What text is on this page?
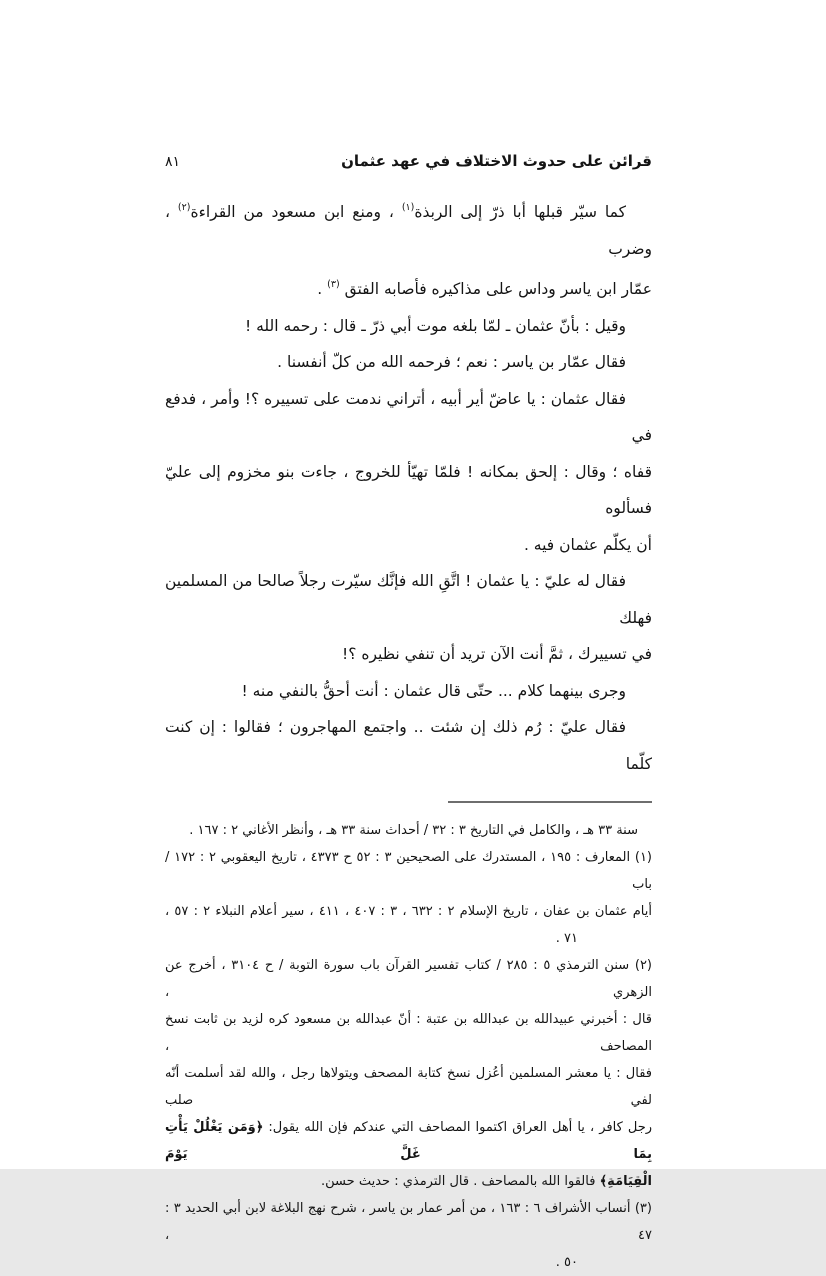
قرائن على حدوث الاختلاف في عهد عثمان
٨١
كما سيّر قبلها أبا ذرّ إلى الربذة$^{(١)}$ ، ومنع ابن مسعود من القراءة$^{(٢)}$ ، وضرب
عمّار ابن ياسر وداس على مذاكيره فأصابه الفتق $^{(٣)}$ .
وقيل : بأنّ عثمان ـ لمّا بلغه موت أبي ذرّ ـ قال : رحمه الله !
فقال عمّار بن ياسر : نعم ؛ فرحمه الله من كلّ أنفسنا .
فقال عثمان : يا عاضّ أير أبيه ، أتراني ندمت على تسييره ؟! وأمر ، فدفع في
قفاه ؛ وقال : إلحق بمكانه ! فلمّا تهيّأ للخروج ، جاءت بنو مخزوم إلى عليّ فسألوه
أن يكلّم عثمان فيه .
فقال له عليّ : يا عثمان ! اتَّقِ الله فإنَّك سيّرت رجلاً صالحا من المسلمين فهلك
في تسييرك ، ثمَّ أنت الآن تريد أن تنفي نظيره ؟!
وجرى بينهما كلام ... حتّى قال عثمان : أنت أحقُّ بالنفي منه !
فقال عليّ : رُم ذلك إن شئت .. واجتمع المهاجرون ؛ فقالوا : إن كنت كلّما
سنة ٣٣ هـ ، والكامل في التاريخ ٣ : ٣٢ / أحداث سنة ٣٣ هـ ، وأنظر الأغاني ٢ : ١٦٧ .
(١) المعارف : ١٩٥ ، المستدرك على الصحيحين ٣ : ٥٢ ح ٤٣٧٣ ، تاريخ اليعقوبي ٢ : ١٧٢ / باب
أيام عثمان بن عفان ، تاريخ الإسلام ٢ : ٦٣٢ ، ٣ : ٤٠٧ ، ٤١١ ، سير أعلام النبلاء ٢ : ٥٧ ،
٧١ .
(٢) سنن الترمذي ٥ : ٢٨٥ / كتاب تفسير القرآن باب سورة التوبة / ح ٣١٠٤ ، أخرج عن الزهري ،
قال : أخبرني عبيدالله بن عبدالله بن عتبة : أنّ عبدالله بن مسعود كره لزيد بن ثابت نسخ المصاحف ،
فقال : يا معشر المسلمين أعُزل نسخ كتابة المصحف ويتولاها رجل ، والله لقد أسلمت أنّه لفي صلب
رجل كافر ، يا أهل العراق اكتموا المصاحف التي عندكم فإن الله يقول: ﴿وَمَن يَغْلُلْ يَأْتِ بِمَا غَلَّ يَوْمَ
الْقِيَامَةِ﴾ فالقوا الله بالمصاحف . قال الترمذي : حديث حسن.
(٣) أنساب الأشراف ٦ : ١٦٣ ، من أمر عمار بن ياسر ، شرح نهج البلاغة لابن أبي الحديد ٣ : ٤٧ ،
٥٠ .
